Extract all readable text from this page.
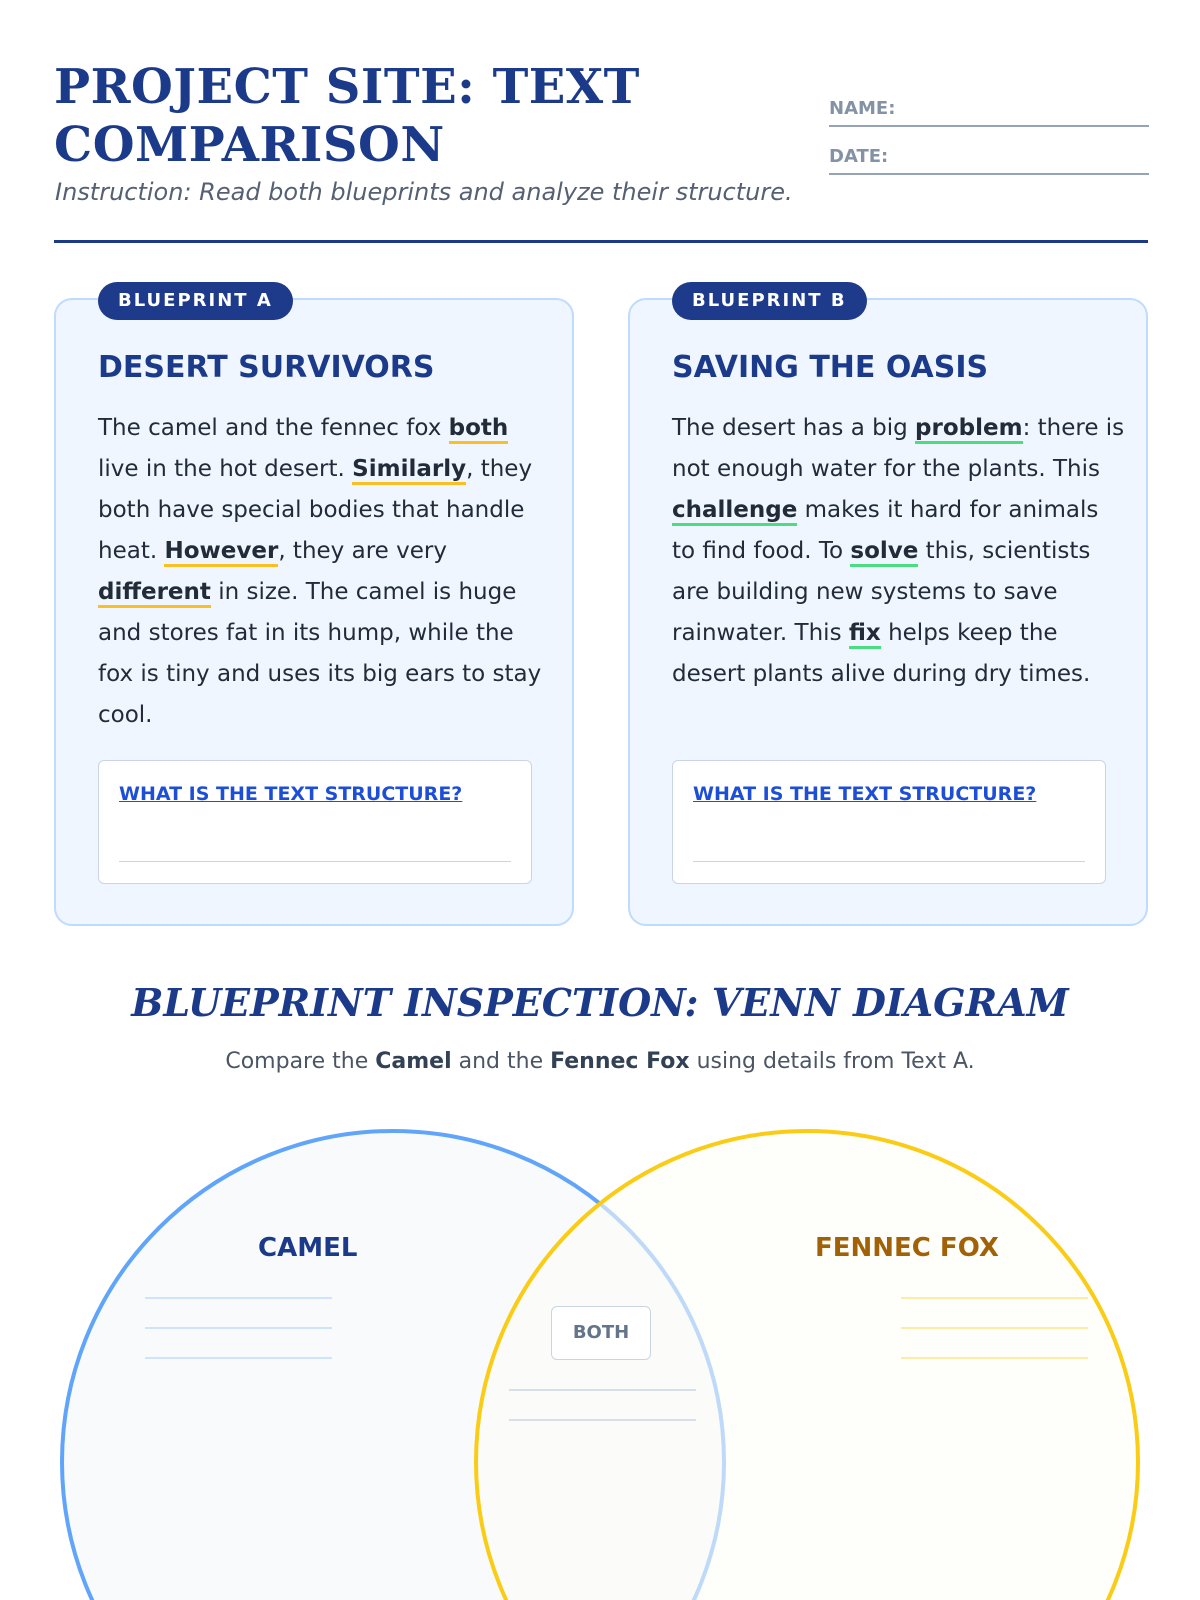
PROJECT SITE: TEXT COMPARISON

Instruction: Read both blueprints and analyze their structure.

NAME:
DATE:
BLUEPRINT A
DESERT SURVIVORS

The camel and the fennec fox both live in the hot desert. Similarly, they both have special bodies that handle heat. However, they are very different in size. The camel is huge and stores fat in its hump, while the fox is tiny and uses its big ears to stay cool.

WHAT IS THE TEXT STRUCTURE?
BLUEPRINT B
SAVING THE OASIS

The desert has a big problem: there is not enough water for the plants. This challenge makes it hard for animals to find food. To solve this, scientists are building new systems to save rainwater. This fix helps keep the desert plants alive during dry times.

WHAT IS THE TEXT STRUCTURE?
BLUEPRINT INSPECTION: VENN DIAGRAM

Compare the Camel and the Fennec Fox using details from Text A.

CAMEL	FENNEC FOX
BOTH
